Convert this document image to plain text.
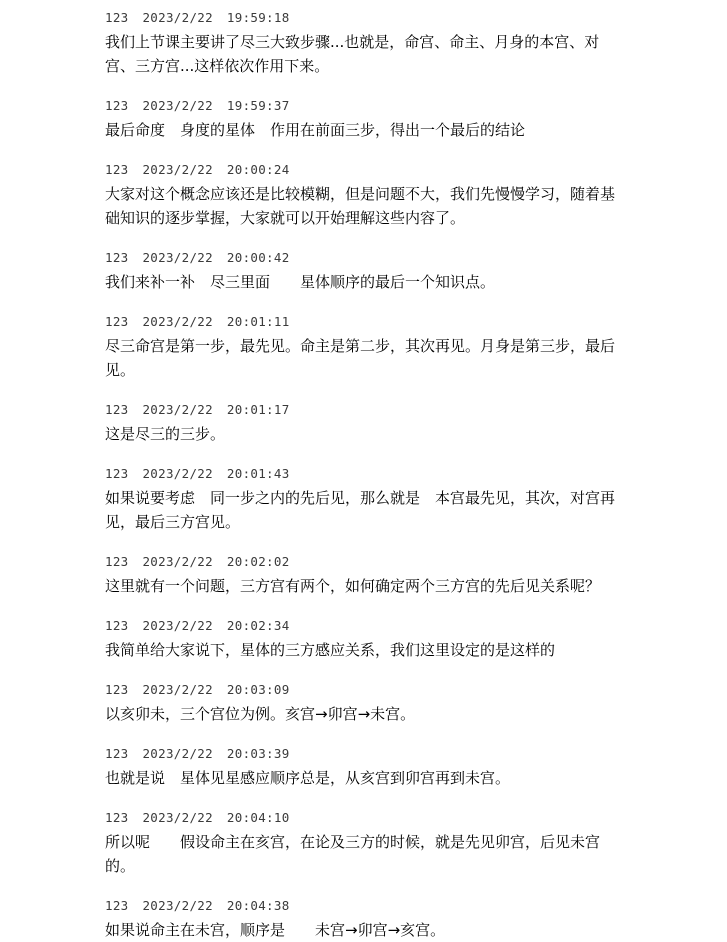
123 2023/2/22 19:59:18
我们上节课主要讲了尽三大致步骤...也就是，命宫、命主、月身的本宫、对宫、三方宫...这样依次作用下来。
123 2023/2/22 19:59:37
最后命度　身度的星体　作用在前面三步，得出一个最后的结论
123 2023/2/22 20:00:24
大家对这个概念应该还是比较模糊，但是问题不大，我们先慢慢学习，随着基础知识的逐步掌握，大家就可以开始理解这些内容了。
123 2023/2/22 20:00:42
我们来补一补　尽三里面　　星体顺序的最后一个知识点。
123 2023/2/22 20:01:11
尽三命宫是第一步，最先见。命主是第二步，其次再见。月身是第三步，最后见。
123 2023/2/22 20:01:17
这是尽三的三步。
123 2023/2/22 20:01:43
如果说要考虑　同一步之内的先后见，那么就是　本宫最先见，其次，对宫再见，最后三方宫见。
123 2023/2/22 20:02:02
这里就有一个问题，三方宫有两个，如何确定两个三方宫的先后见关系呢？
123 2023/2/22 20:02:34
我简单给大家说下，星体的三方感应关系，我们这里设定的是这样的
123 2023/2/22 20:03:09
以亥卯未，三个宫位为例。亥宫→卯宫→未宫。
123 2023/2/22 20:03:39
也就是说　星体见星感应顺序总是，从亥宫到卯宫再到未宫。
123 2023/2/22 20:04:10
所以呢　　假设命主在亥宫，在论及三方的时候，就是先见卯宫，后见未宫的。
123 2023/2/22 20:04:38
如果说命主在未宫，顺序是　　未宫→卯宫→亥宫。
